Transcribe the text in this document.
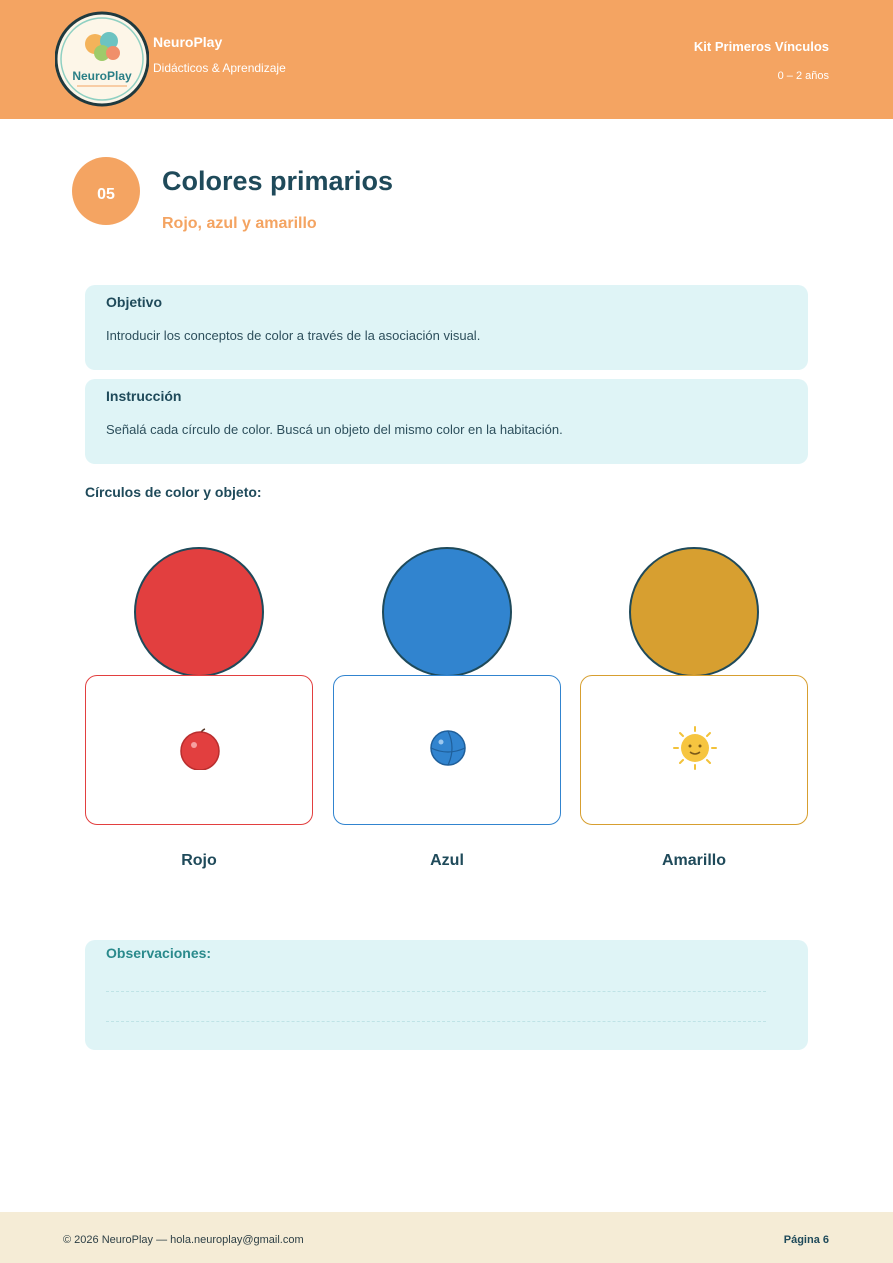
NeuroPlay
NeuroPlay
Didácticos & Aprendizaje
Kit Primeros Vínculos
0 – 2 años
05	Colores primarios
Rojo, azul y amarillo
Objetivo
Introducir los conceptos de color a través de la asociación visual.
Instrucción
Señalá cada círculo de color. Buscá un objeto del mismo color en la habitación.
Círculos de color y objeto:
Rojo	Azul	Amarillo
Observaciones:
© 2026 NeuroPlay — hola.neuroplay@gmail.com	Página 6
